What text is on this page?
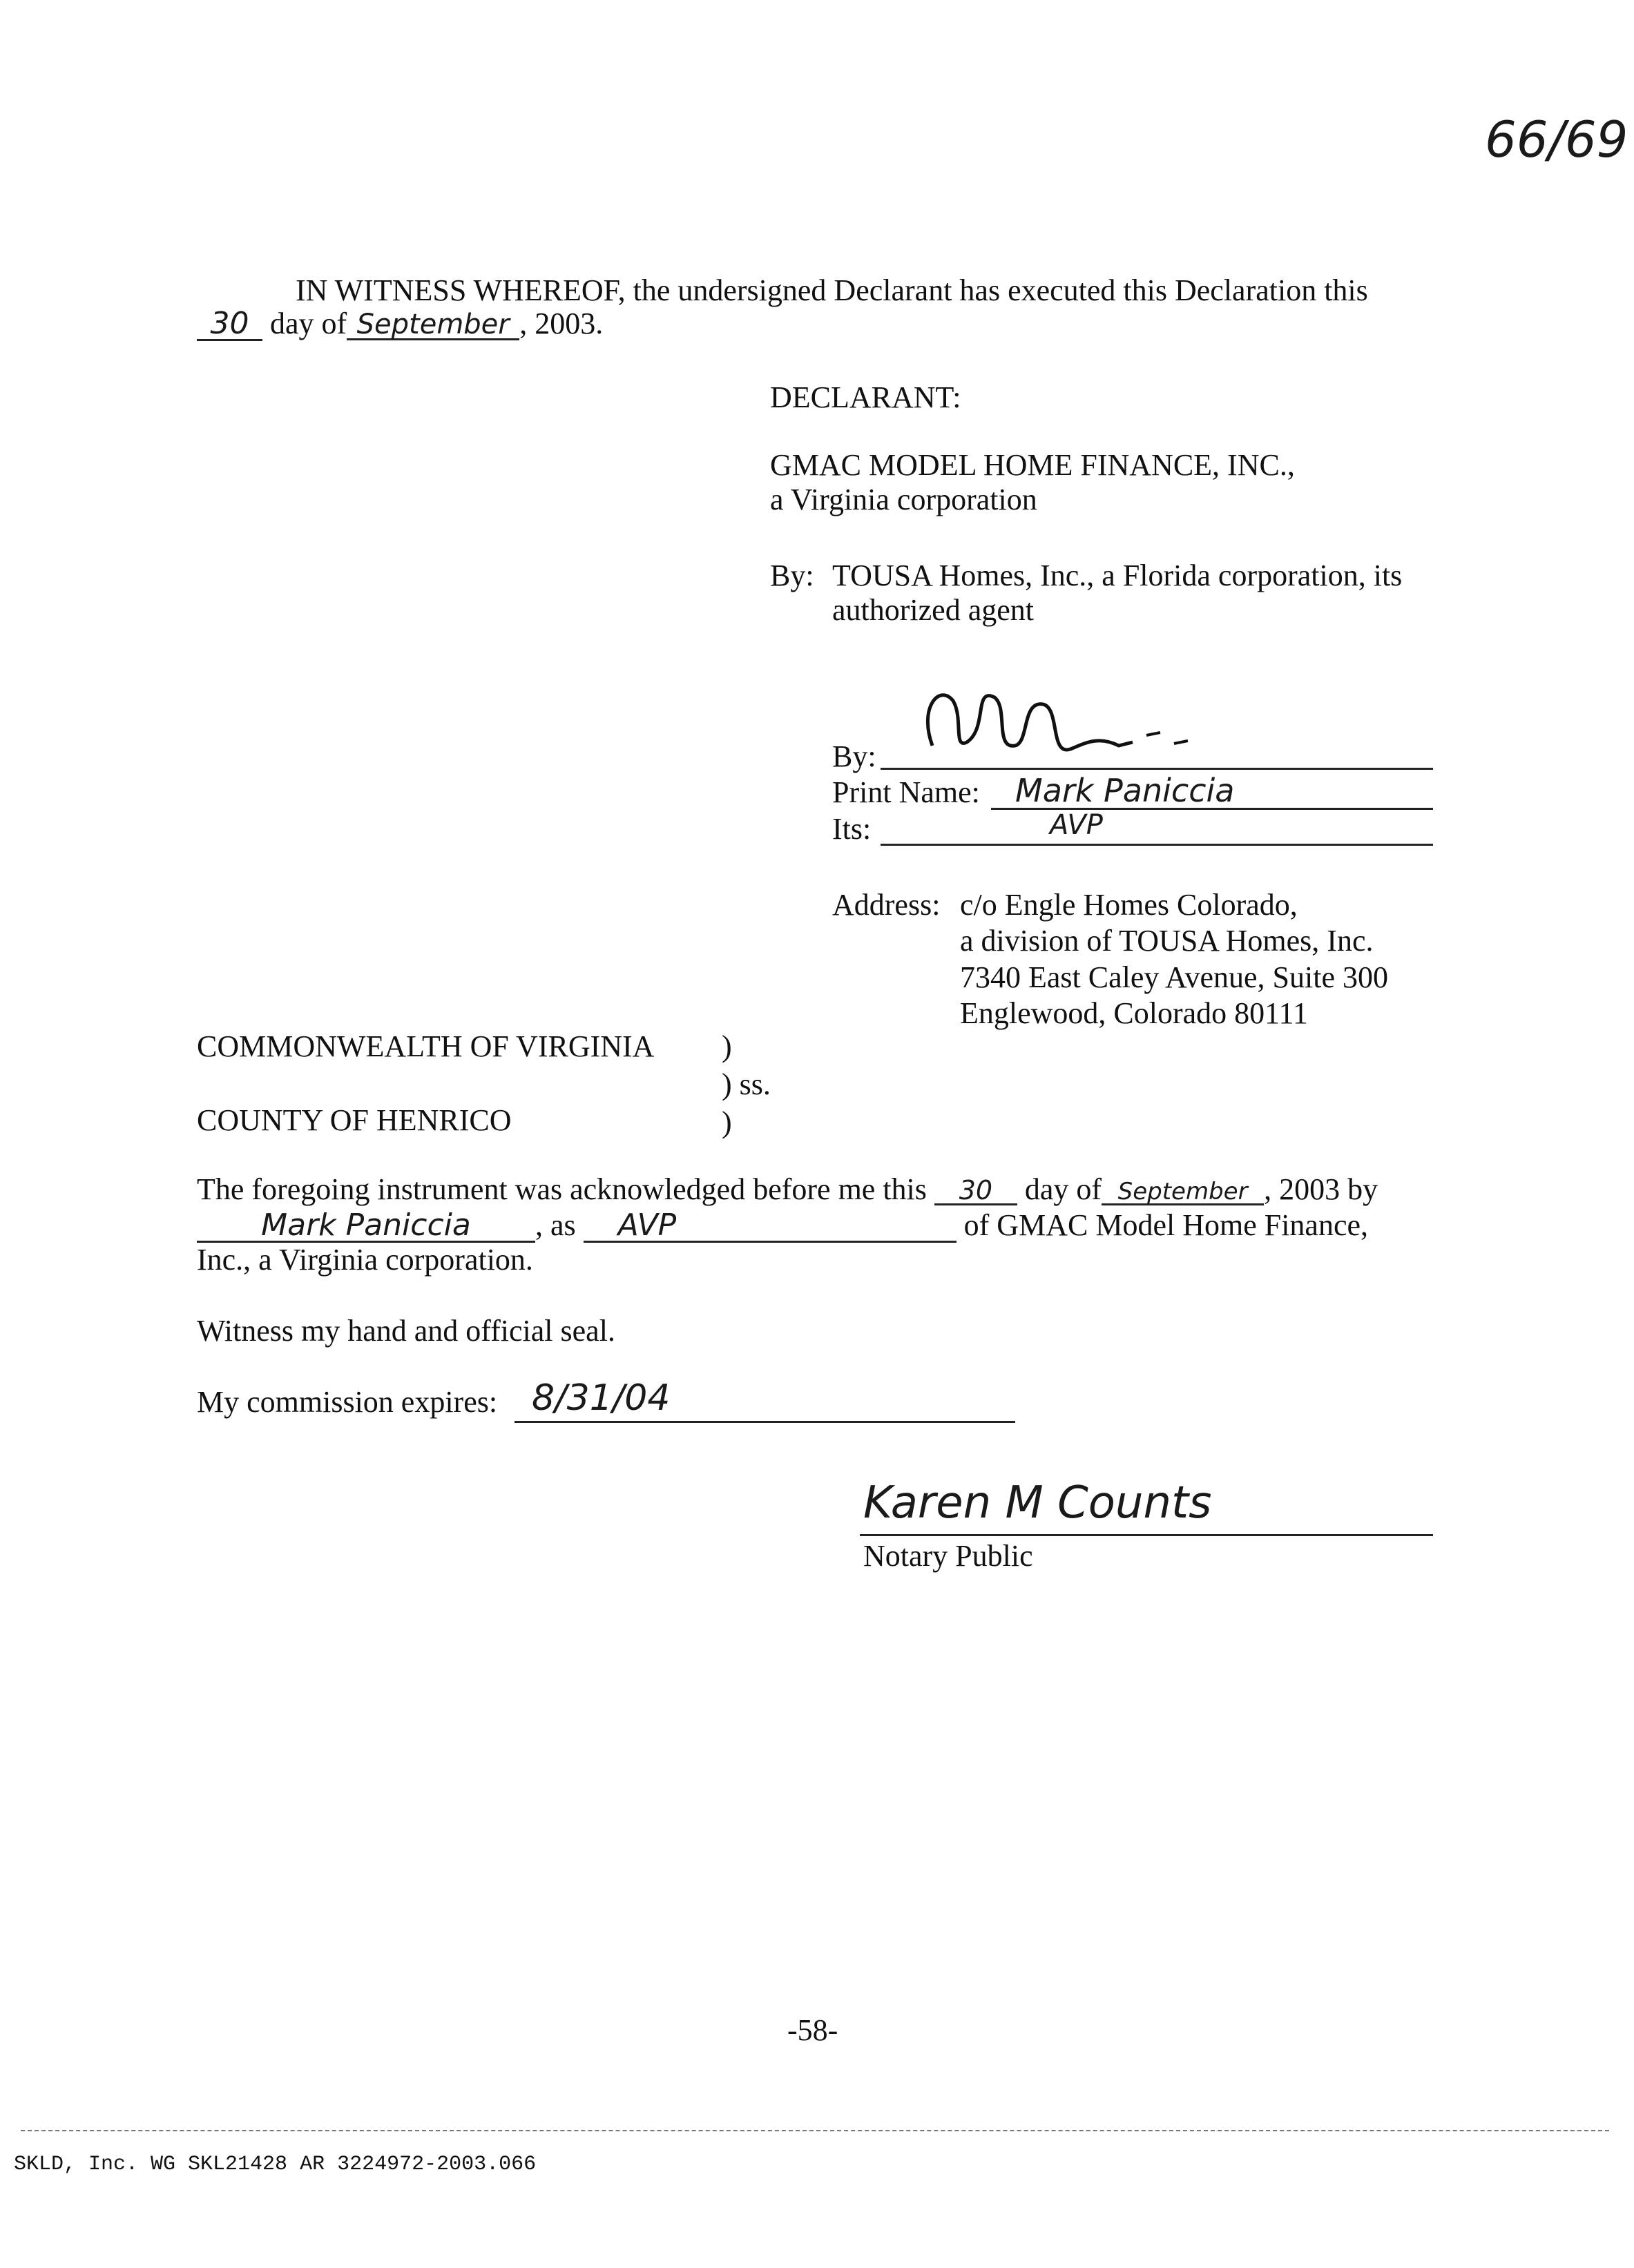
66/69
IN WITNESS WHEREOF, the undersigned Declarant has executed this Declaration this
30 day of September , 2003.
DECLARANT:
GMAC MODEL HOME FINANCE, INC.,
a Virginia corporation
By: TOUSA Homes, Inc., a Florida corporation, its
authorized agent
By:
Print Name: Mark Paniccia
Its:	AVP
Address: c/o Engle Homes Colorado,
a division of TOUSA Homes, Inc.
7340 East Caley Avenue, Suite 300
Englewood, Colorado 80111
COMMONWEALTH OF VIRGINIA )
) ss.
COUNTY OF HENRICO	)
The foregoing instrument was acknowledged before me this 30 day of September , 2003 by
Mark Paniccia , as AVP	of GMAC Model Home Finance,
Inc., a Virginia corporation.
Witness my hand and official seal.
My commission expires: 8/31/04
Karen M Counts
Notary Public
-58-
SKLD, Inc. WG SKL21428 AR 3224972-2003.066
